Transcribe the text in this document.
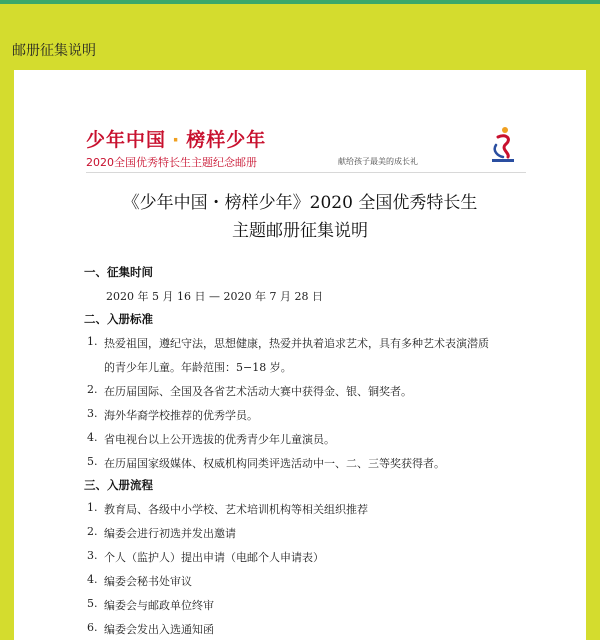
邮册征集说明
少年中国 · 榜样少年
2020全国优秀特长生主题纪念邮册	献给孩子最美的成长礼
《少年中国・榜样少年》2020 全国优秀特长生
主题邮册征集说明
一、征集时间
2020 年 5 月 16 日 — 2020 年 7 月 28 日
二、入册标准
1. 热爱祖国，遵纪守法，思想健康，热爱并执着追求艺术，具有多种艺术表演潜质
的青少年儿童。年龄范围：5−18 岁。
2. 在历届国际、全国及各省艺术活动大赛中获得金、银、铜奖者。
3. 海外华裔学校推荐的优秀学员。
4. 省电视台以上公开选拔的优秀青少年儿童演员。
5. 在历届国家级媒体、权威机构同类评选活动中一、二、三等奖获得者。
三、入册流程
1. 教育局、各级中小学校、艺术培训机构等相关组织推荐
2. 编委会进行初选并发出邀请
3. 个人（监护人）提出申请（电邮个人申请表）
4. 编委会秘书处审议
5. 编委会与邮政单位终审
6. 编委会发出入选通知函
